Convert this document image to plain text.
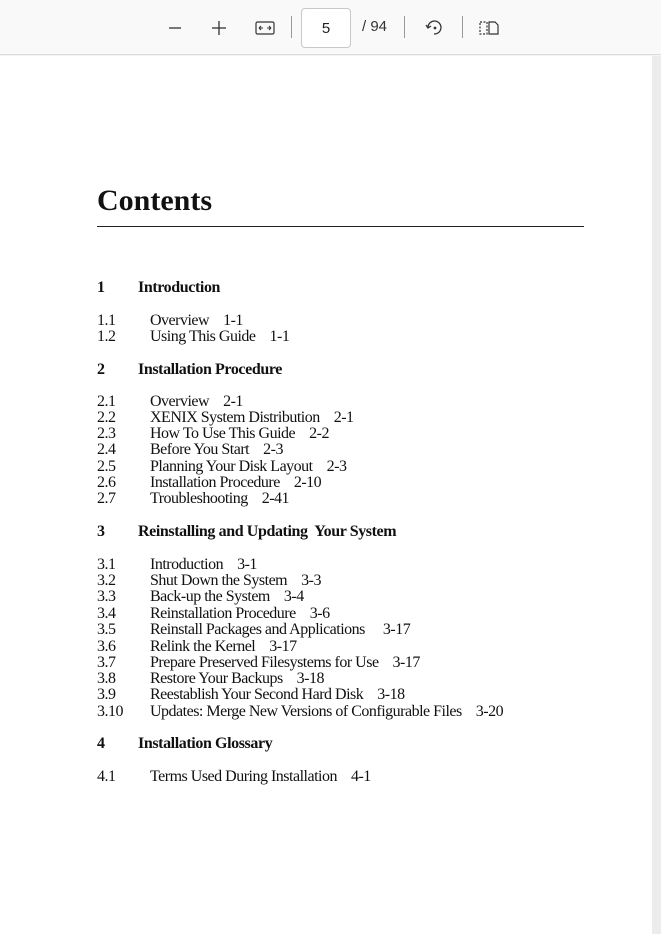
5	/ 94
Contents
1 Introduction
1.1 Overview 1-1
1.2 Using This Guide 1-1
2 Installation Procedure
2.1 Overview 2-1
2.2 XENIX System Distribution 2-1
2.3 How To Use This Guide 2-2
2.4 Before You Start 2-3
2.5 Planning Your Disk Layout 2-3
2.6 Installation Procedure 2-10
2.7 Troubleshooting 2-41
3 Reinstalling and Updating  Your System
3.1 Introduction 3-1
3.2 Shut Down the System 3-3
3.3 Back-up the System 3-4
3.4 Reinstallation Procedure 3-6
3.5 Reinstall Packages and Applications 3-17
3.6 Relink the Kernel 3-17
3.7 Prepare Preserved Filesystems for Use 3-17
3.8 Restore Your Backups 3-18
3.9 Reestablish Your Second Hard Disk 3-18
3.10 Updates: Merge New Versions of Configurable Files 3-20
4 Installation Glossary
4.1 Terms Used During Installation 4-1
